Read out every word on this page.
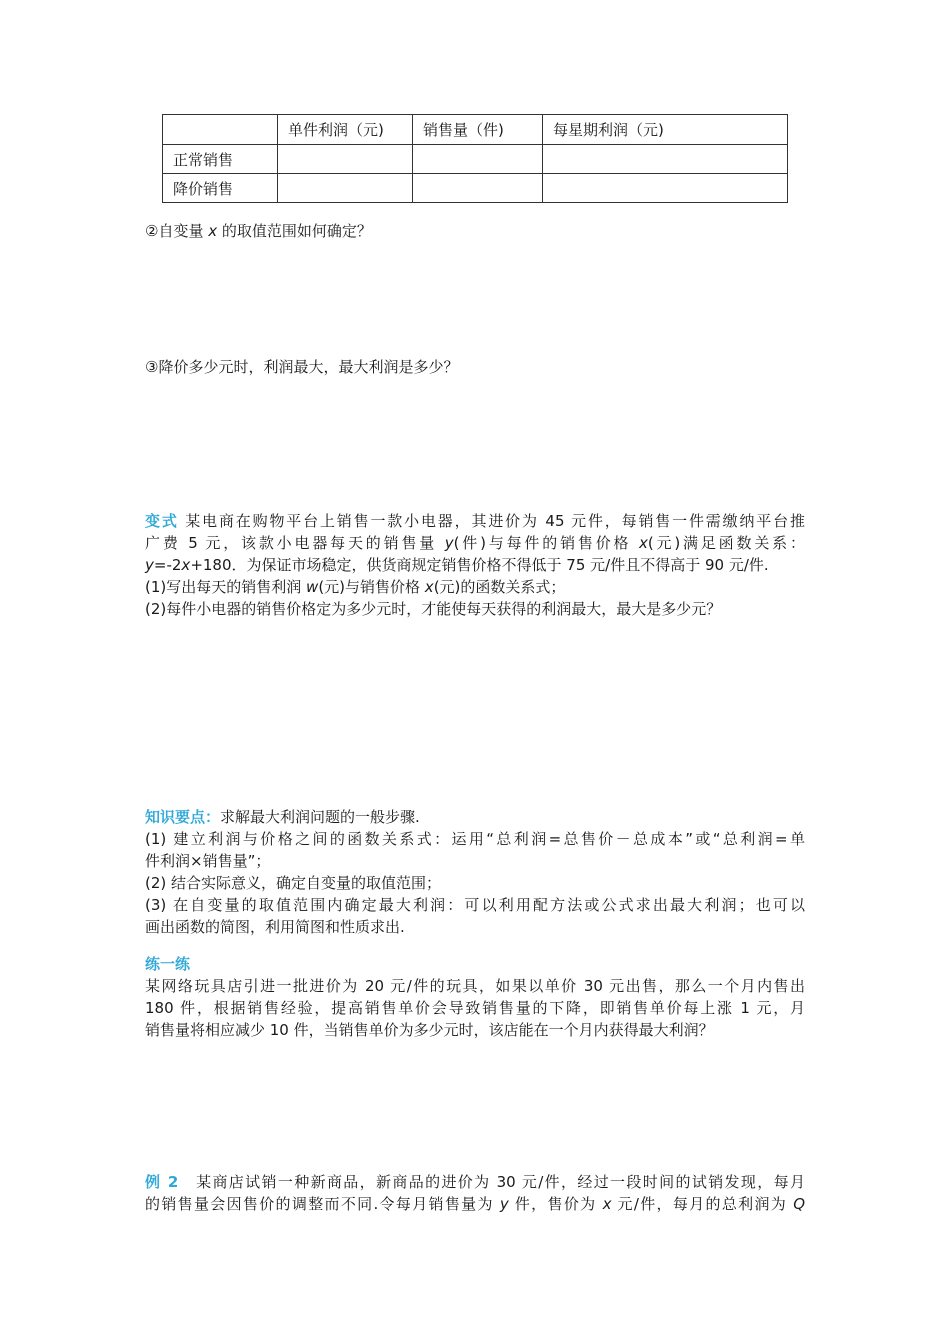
	单件利润（元)	销售量（件)	每星期利润（元)
正常销售			
降价销售			
②自变量 x 的取值范围如何确定？
③降价多少元时，利润最大，最大利润是多少？
变式 某电商在购物平台上销售一款小电器，其进价为 45 元件，每销售一件需缴纳平台推
广费 5 元，该款小电器每天的销售量 y(件)与每件的销售价格 x(元)满足函数关系：
y=-2x+180．为保证市场稳定，供货商规定销售价格不得低于 75 元/件且不得高于 90 元/件.
(1)写出每天的销售利润 w(元)与销售价格 x(元)的函数关系式；
(2)每件小电器的销售价格定为多少元时，才能使每天获得的利润最大，最大是多少元？
知识要点：求解最大利润问题的一般步骤.
(1) 建立利润与价格之间的函数关系式：运用“总利润=总售价－总成本”或“总利润=单
件利润×销售量”；
(2) 结合实际意义，确定自变量的取值范围；
(3) 在自变量的取值范围内确定最大利润：可以利用配方法或公式求出最大利润；也可以
画出函数的简图，利用简图和性质求出.
练一练
某网络玩具店引进一批进价为 20 元/件的玩具，如果以单价 30 元出售，那么一个月内售出
180 件，根据销售经验，提高销售单价会导致销售量的下降，即销售单价每上涨 1 元，月
销售量将相应减少 10 件，当销售单价为多少元时，该店能在一个月内获得最大利润？
例 2　某商店试销一种新商品，新商品的进价为 30 元/件，经过一段时间的试销发现，每月
的销售量会因售价的调整而不同.令每月销售量为 y 件，售价为 x 元/件，每月的总利润为 Q
